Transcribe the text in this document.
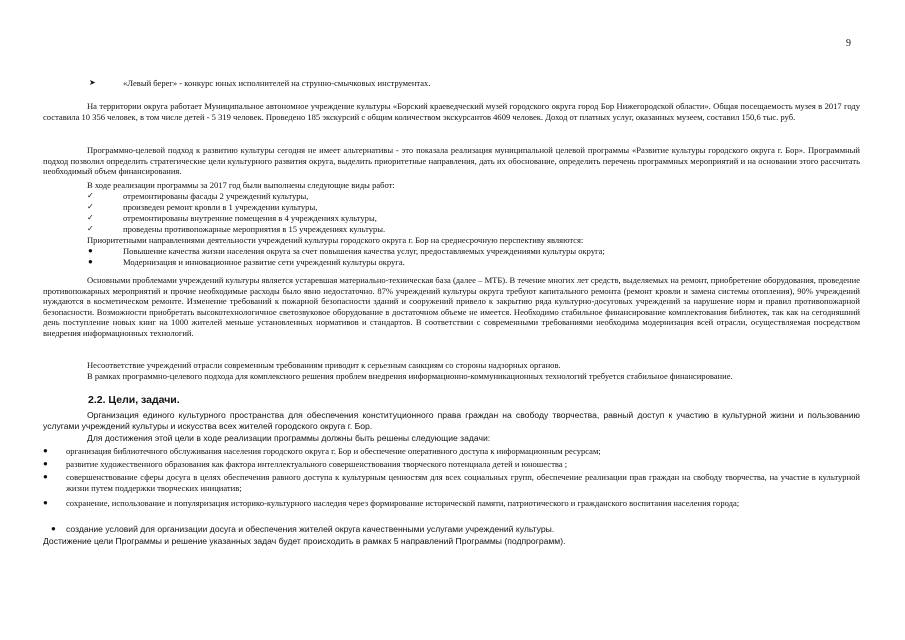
9
➤	«Левый берег» - конкурс юных исполнителей на струнно-смычковых инструментах.

На территории округа работает Муниципальное автономное учреждение культуры «Борский краеведческий музей городского округа город Бор Нижегородской области». Общая посещаемость музея в 2017 году составила 10 356 человек, в том числе детей - 5 319 человек. Проведено 185 экскурсий с общим количеством экскурсантов 4609 человек. Доход от платных услуг, оказанных музеем, составил 150,6 тыс. руб.

Программно-целевой подход к развитию культуры сегодня не имеет альтернативы - это показала реализация муниципальной целевой программы «Развитие культуры городского округа г. Бор». Программный подход позволил определить стратегические цели культурного развития округа, выделить приоритетные направления, дать их обоснование, определить перечень программных мероприятий и на основании этого рассчитать необходимый объем финансирования.

В ходе реализации программы за 2017 год были выполнены следующие виды работ:
✓	отремонтированы фасады 2 учреждений культуры,
✓	произведен ремонт кровли в 1 учреждении культуры,
✓	отремонтированы внутренние помещения в 4 учреждениях культуры,
✓	проведены противопожарные мероприятия в 15 учреждениях культуры.
Приоритетными направлениями деятельности учреждений культуры городского округа г. Бор на среднесрочную перспективу являются:
●	Повышение качества жизни населения округа за счет повышения качества услуг, предоставляемых учреждениями культуры округа;
●	Модернизация и инновационное развитие сети учреждений культуры округа.

Основными проблемами учреждений культуры является устаревшая материально-техническая база (далее – МТБ). В течение многих лет средств, выделяемых на ремонт, приобретение оборудования, проведение противопожарных мероприятий и прочие необходимые расходы было явно недостаточно. 87% учреждений культуры округа требуют капитального ремонта (ремонт кровли и замена системы отопления), 90% учреждений нуждаются в косметическом ремонте. Изменение требований к пожарной безопасности зданий и сооружений привело к закрытию ряда культурно-досуговых учреждений за нарушение норм и правил противопожарной безопасности. Возможности приобретать высокотехнологичное светозвуковое оборудование в достаточном объеме не имеется. Необходимо стабильное финансирование комплектования библиотек, так как на сегодняшний день поступление новых книг на 1000 жителей меньше установленных нормативов и стандартов. В соответствии с современными требованиями необходима модернизация всей отрасли, осуществляемая посредством внедрения информационных технологий.

Несоответствие учреждений отрасли современным требованиям приводит к серьезным санкциям со стороны надзорных органов.

В рамках программно-целевого подхода для комплексного решения проблем внедрения информационно-коммуникационных технологий требуется стабильное финансирование.

2.2. Цели, задачи.

Организация единого культурного пространства для обеспечения конституционного права граждан на свободу творчества, равный доступ к участию в культурной жизни и пользованию услугами учреждений культуры и искусства всех жителей городского округа г. Бор.

Для достижения этой цели в ходе реализации программы должны быть решены следующие задачи:
● организация библиотечного обслуживания населения городского округа г. Бор и обеспечение оперативного доступа к информационным ресурсам;
● развитие художественного образования как фактора интеллектуального совершенствования творческого потенциала детей и юношества ;
●	совершенствование сферы досуга в целях обеспечения равного доступа к культурным ценностям для всех социальных групп, обеспечение реализации прав граждан на свободу творчества, на участие в культурной жизни путем поддержки творческих инициатив;
●	сохранение, использование и популяризация историко-культурного наследия через формирование исторической памяти, патриотического и гражданского воспитания населения города;
● создание условий для организации досуга и обеспечения жителей округа качественными услугами учреждений культуры.
Достижение цели Программы и решение указанных задач будет происходить в рамках 5 направлений Программы (подпрограмм).
